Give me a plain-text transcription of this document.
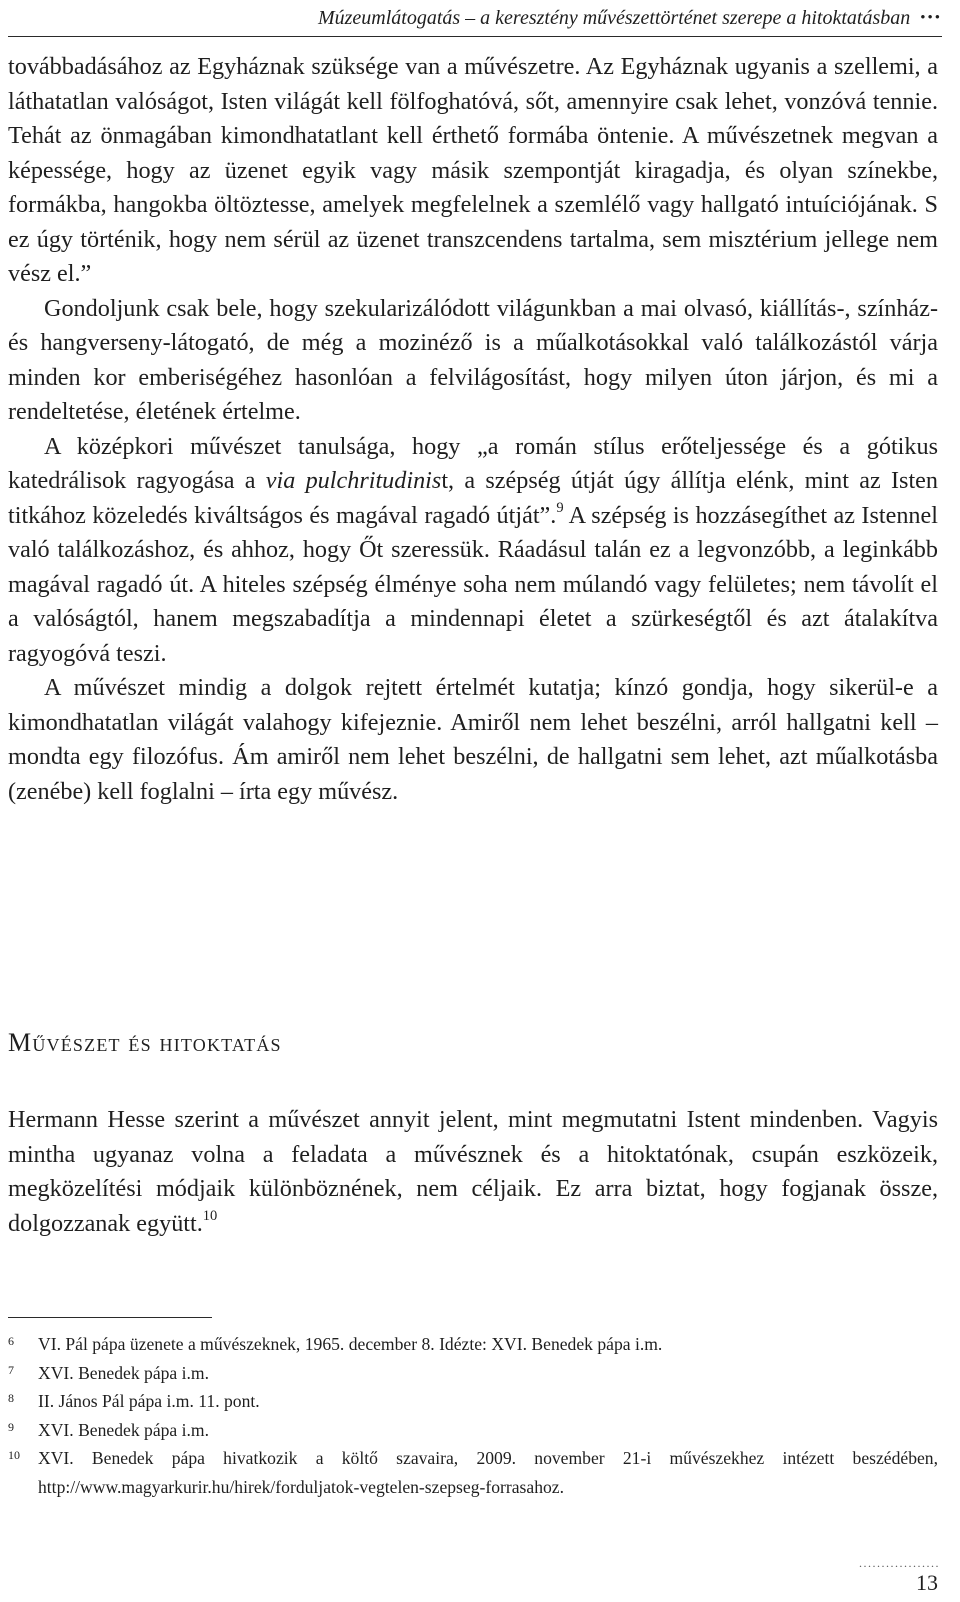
Múzeumlátogatás – a keresztény művészettörténet szerepe a hitoktatásban •••

továbbadásához az Egyháznak szüksége van a művészetre. Az Egyháznak ugyanis a szellemi, a láthatatlan valóságot, Isten világát kell fölfoghatóvá, sőt, amennyire csak lehet, vonzóvá tennie. Tehát az önmagában kimondhatatlant kell érthető formába öntenie. A művészetnek megvan a képessége, hogy az üzenet egyik vagy másik szempontját kiragadja, és olyan színekbe, formákba, hangokba öltöztesse, amelyek megfelelnek a szemlélő vagy hallgató intuíciójának. S ez úgy történik, hogy nem sérül az üzenet transzcendens tartalma, sem misztérium jellege nem vész el.”

Gondoljunk csak bele, hogy szekularizálódott világunkban a mai olvasó, kiállítás-, színház- és hangverseny-látogató, de még a mozinéző is a műalkotásokkal való találkozástól várja minden kor emberiségéhez hasonlóan a felvilágosítást, hogy milyen úton járjon, és mi a rendeltetése, életének értelme.

A középkori művészet tanulsága, hogy „a román stílus erőteljessége és a gótikus katedrálisok ragyogása a via pulchritudinist, a szépség útját úgy állítja elénk, mint az Isten titkához közeledés kiváltságos és magával ragadó útját”.$^9$ A szépség is hozzásegíthet az Istennel való találkozáshoz, és ahhoz, hogy Őt szeressük. Ráadásul talán ez a legvonzóbb, a leginkább magával ragadó út. A hiteles szépség élménye soha nem múlandó vagy felületes; nem távolít el a valóságtól, hanem megszabadítja a mindennapi életet a szürkeségtől és azt átalakítva ragyogóvá teszi.

A művészet mindig a dolgok rejtett értelmét kutatja; kínzó gondja, hogy sikerül-e a kimondhatatlan világát valahogy kifejeznie. Amiről nem lehet beszélni, arról hallgatni kell – mondta egy filozófus. Ám amiről nem lehet beszélni, de hallgatni sem lehet, azt műalkotásba (zenébe) kell foglalni – írta egy művész.

Művészet és hitoktatás

Hermann Hesse szerint a művészet annyit jelent, mint megmutatni Istent mindenben. Vagyis mintha ugyanaz volna a feladata a művésznek és a hitoktatónak, csupán eszközeik, megközelítési módjaik különböznének, nem céljaik. Ez arra biztat, hogy fogjanak össze, dolgozzanak együtt.$^{10}$

6	VI. Pál pápa üzenete a művészeknek, 1965. december 8. Idézte: XVI. Benedek pápa i.m.
7	XVI. Benedek pápa i.m.
8	II. János Pál pápa i.m. 11. pont.
9	XVI. Benedek pápa i.m.
10	XVI. Benedek pápa hivatkozik a költő szavaira, 2009. november 21-i művészekhez intézett beszédében, http://www.magyarkurir.hu/hirek/forduljatok-vegtelen-szepseg-forrasahoz.
..................
13
